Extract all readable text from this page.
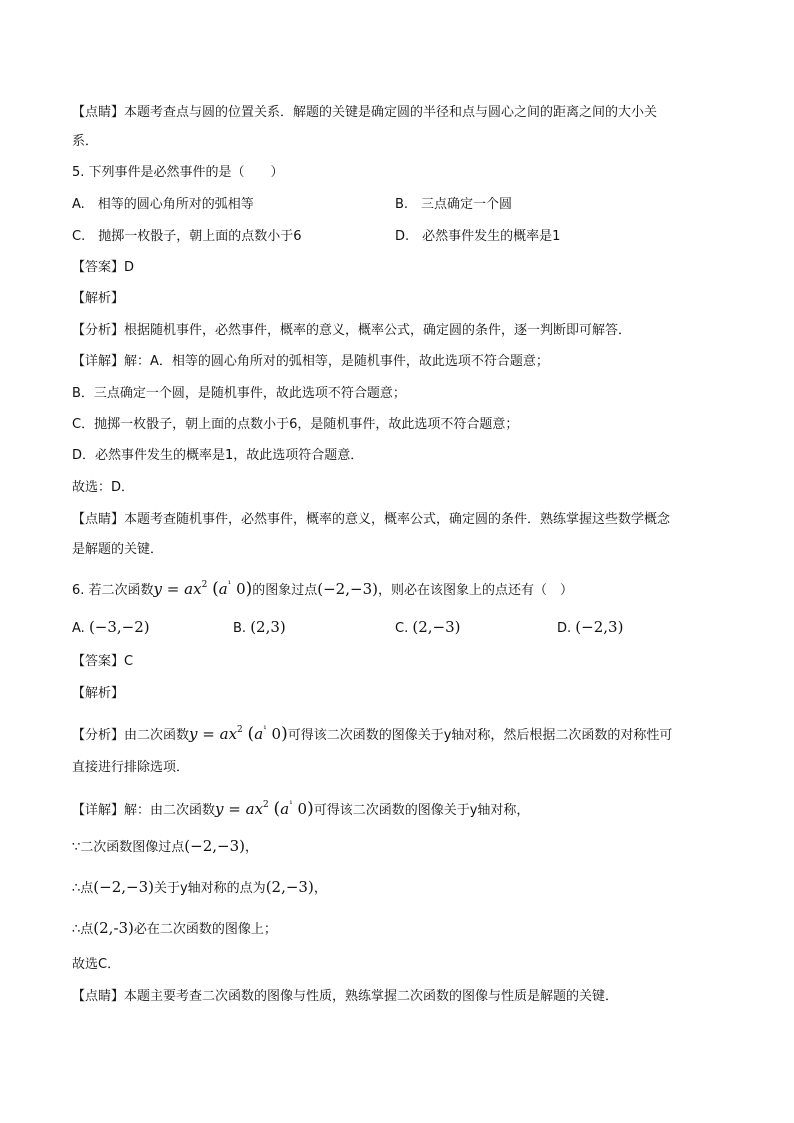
【点睛】本题考查点与圆的位置关系．解题的关键是确定圆的半径和点与圆心之间的距离之间的大小关
系．
5. 下列事件是必然事件的是（　　）
A.　相等的圆心角所对的弧相等	B.　三点确定一个圆
C.　抛掷一枚骰子，朝上面的点数小于6	D.　必然事件发生的概率是1
【答案】D
【解析】
【分析】根据随机事件，必然事件，概率的意义，概率公式，确定圆的条件，逐一判断即可解答．
【详解】解：A．相等的圆心角所对的弧相等，是随机事件，故此选项不符合题意；
B．三点确定一个圆，是随机事件，故此选项不符合题意；
C．抛掷一枚骰子，朝上面的点数小于6，是随机事件，故此选项不符合题意；
D．必然事件发生的概率是1，故此选项符合题意．
故选：D．
【点睛】本题考查随机事件，必然事件，概率的意义，概率公式，确定圆的条件．熟练掌握这些数学概念
是解题的关键．
6. 若二次函数$y = ax^2$ ($a^{^1}$ 0)的图象过点(−2,−3)，则必在该图象上的点还有（　）
A. (−3,−2)	B. (2,3)	C. (2,−3)	D. (−2,3)
【答案】C
【解析】
【分析】由二次函数$y = ax^2$ ($a^{^1}$ 0)可得该二次函数的图像关于y轴对称，然后根据二次函数的对称性可
直接进行排除选项．
【详解】解：由二次函数$y = ax^2$ ($a^{^1}$ 0)可得该二次函数的图像关于y轴对称，
∵二次函数图像过点(−2,−3)，
∴点(−2,−3)关于y轴对称的点为(2,−3)，
∴点(2,-3)必在二次函数的图像上；
故选C．
【点睛】本题主要考查二次函数的图像与性质，熟练掌握二次函数的图像与性质是解题的关键．
